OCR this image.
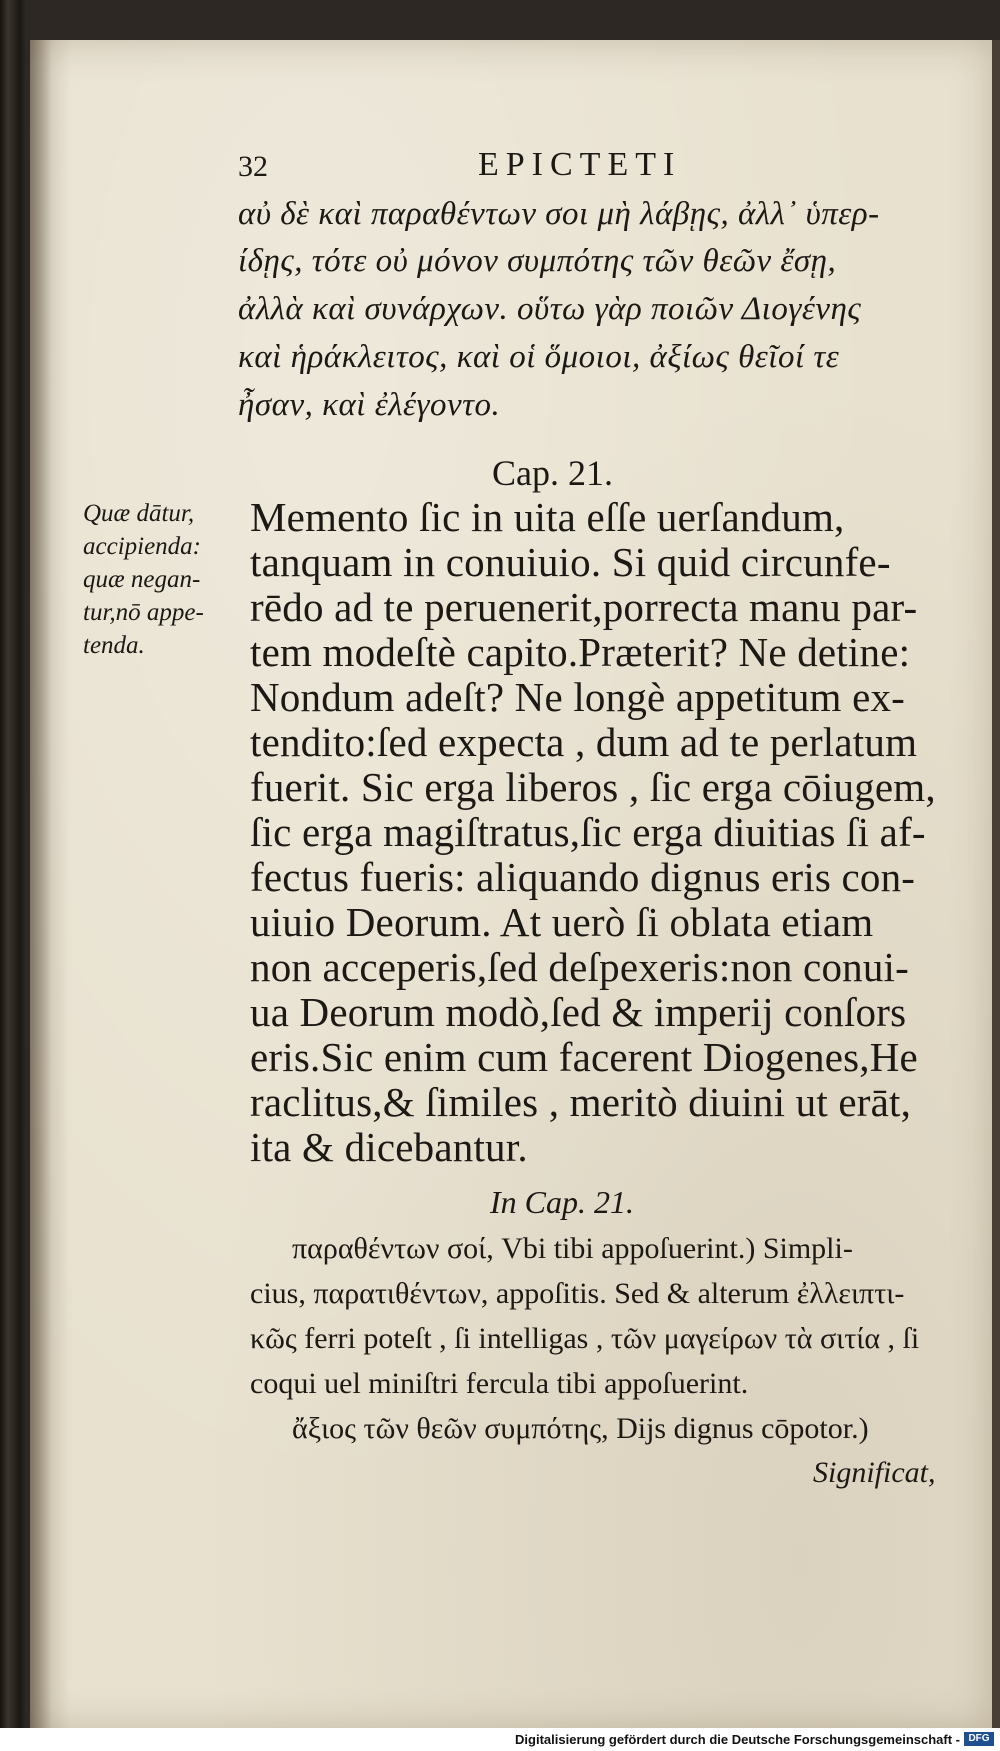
32	EPICTETI
αὐ δὲ καὶ παραθέντων σοι μὴ λάβῃς, ἀλλ᾽ ὑπερ-
ίδῃς, τότε οὐ μόνον συμπότης τῶν θεῶν ἔσῃ,
ἀλλὰ καὶ συνάρχων. οὕτω γὰρ ποιῶν Διογένης
καὶ ἡράκλειτος, καὶ οἱ ὅμοιοι, ἀξίως θεῖοί τε
ἦσαν, καὶ ἐλέγοντο.
Cap. 21.
Quæ dātur,
accipienda:
quæ negan-
tur,nō appe-
tenda.
Memento ſic in uita eſſe uerſandum,
tanquam in conuiuio. Si quid circunfe-
rēdo ad te peruenerit,porrecta manu par-
tem modeſtè capito.Præterit? Ne detine:
Nondum adeſt? Ne longè appetitum ex-
tendito:ſed expecta , dum ad te perlatum
fuerit. Sic erga liberos , ſic erga cōiugem,
ſic erga magiſtratus,ſic erga diuitias ſi af-
fectus fueris: aliquando dignus eris con-
uiuio Deorum. At uerò ſi oblata etiam
non acceperis,ſed deſpexeris:non conui-
ua Deorum modò,ſed & imperij conſors
eris.Sic enim cum facerent Diogenes,He
raclitus,& ſimiles , meritò diuini ut erāt,
ita & dicebantur.
In Cap. 21.
παραθέντων σοί, Vbi tibi appoſuerint.) Simpli-
cius, παρατιθέντων, appoſitis. Sed & alterum ἐλλειπτι-
κῶς ferri poteſt , ſi intelligas , τῶν μαγείρων τὰ σιτία , ſi
coqui uel miniſtri fercula tibi appoſuerint.
ἄξιος τῶν θεῶν συμπότης, Dijs dignus cōpotor.)
Significat,
Digitalisierung gefördert durch die Deutsche Forschungsgemeinschaft - DFG
